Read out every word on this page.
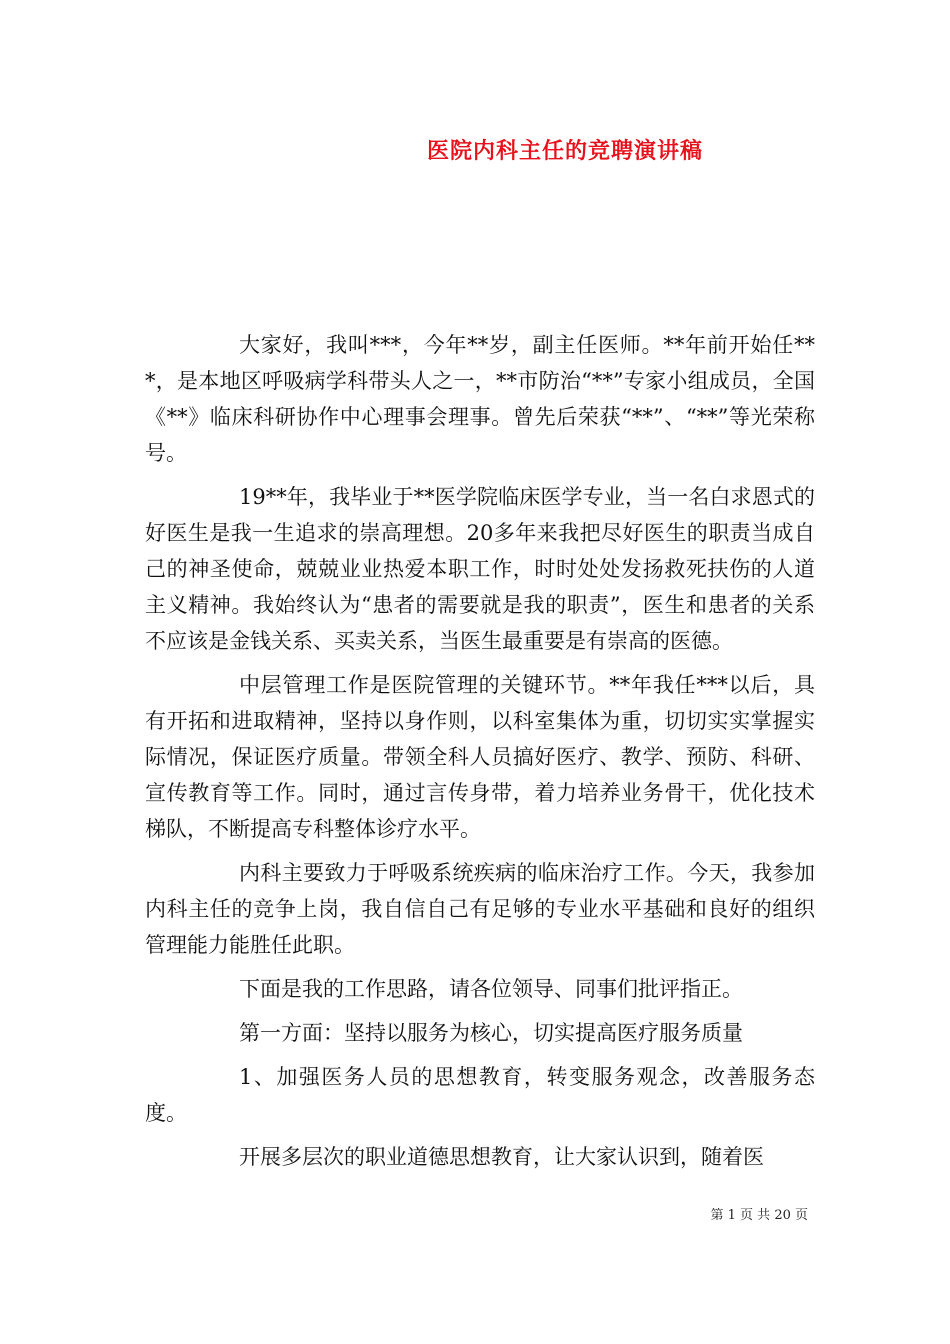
医院内科主任的竞聘演讲稿

大家好，我叫***，今年**岁，副主任医师。**年前开始任***，是本地区呼吸病学科带头人之一，**市防治“**”专家小组成员，全国《**》临床科研协作中心理事会理事。曾先后荣获“**”、“**”等光荣称号。

19**年，我毕业于**医学院临床医学专业，当一名白求恩式的好医生是我一生追求的崇高理想。20多年来我把尽好医生的职责当成自己的神圣使命，兢兢业业热爱本职工作，时时处处发扬救死扶伤的人道主义精神。我始终认为“患者的需要就是我的职责”，医生和患者的关系不应该是金钱关系、买卖关系，当医生最重要是有崇高的医德。

中层管理工作是医院管理的关键环节。**年我任***以后，具有开拓和进取精神，坚持以身作则，以科室集体为重，切切实实掌握实际情况，保证医疗质量。带领全科人员搞好医疗、教学、预防、科研、宣传教育等工作。同时，通过言传身带，着力培养业务骨干，优化技术梯队，不断提高专科整体诊疗水平。

内科主要致力于呼吸系统疾病的临床治疗工作。今天，我参加内科主任的竞争上岗，我自信自己有足够的专业水平基础和良好的组织管理能力能胜任此职。

下面是我的工作思路，请各位领导、同事们批评指正。

第一方面：坚持以服务为核心，切实提高医疗服务质量

1、加强医务人员的思想教育，转变服务观念，改善服务态度。

开展多层次的职业道德思想教育，让大家认识到，随着医

第 1 页 共 20 页
